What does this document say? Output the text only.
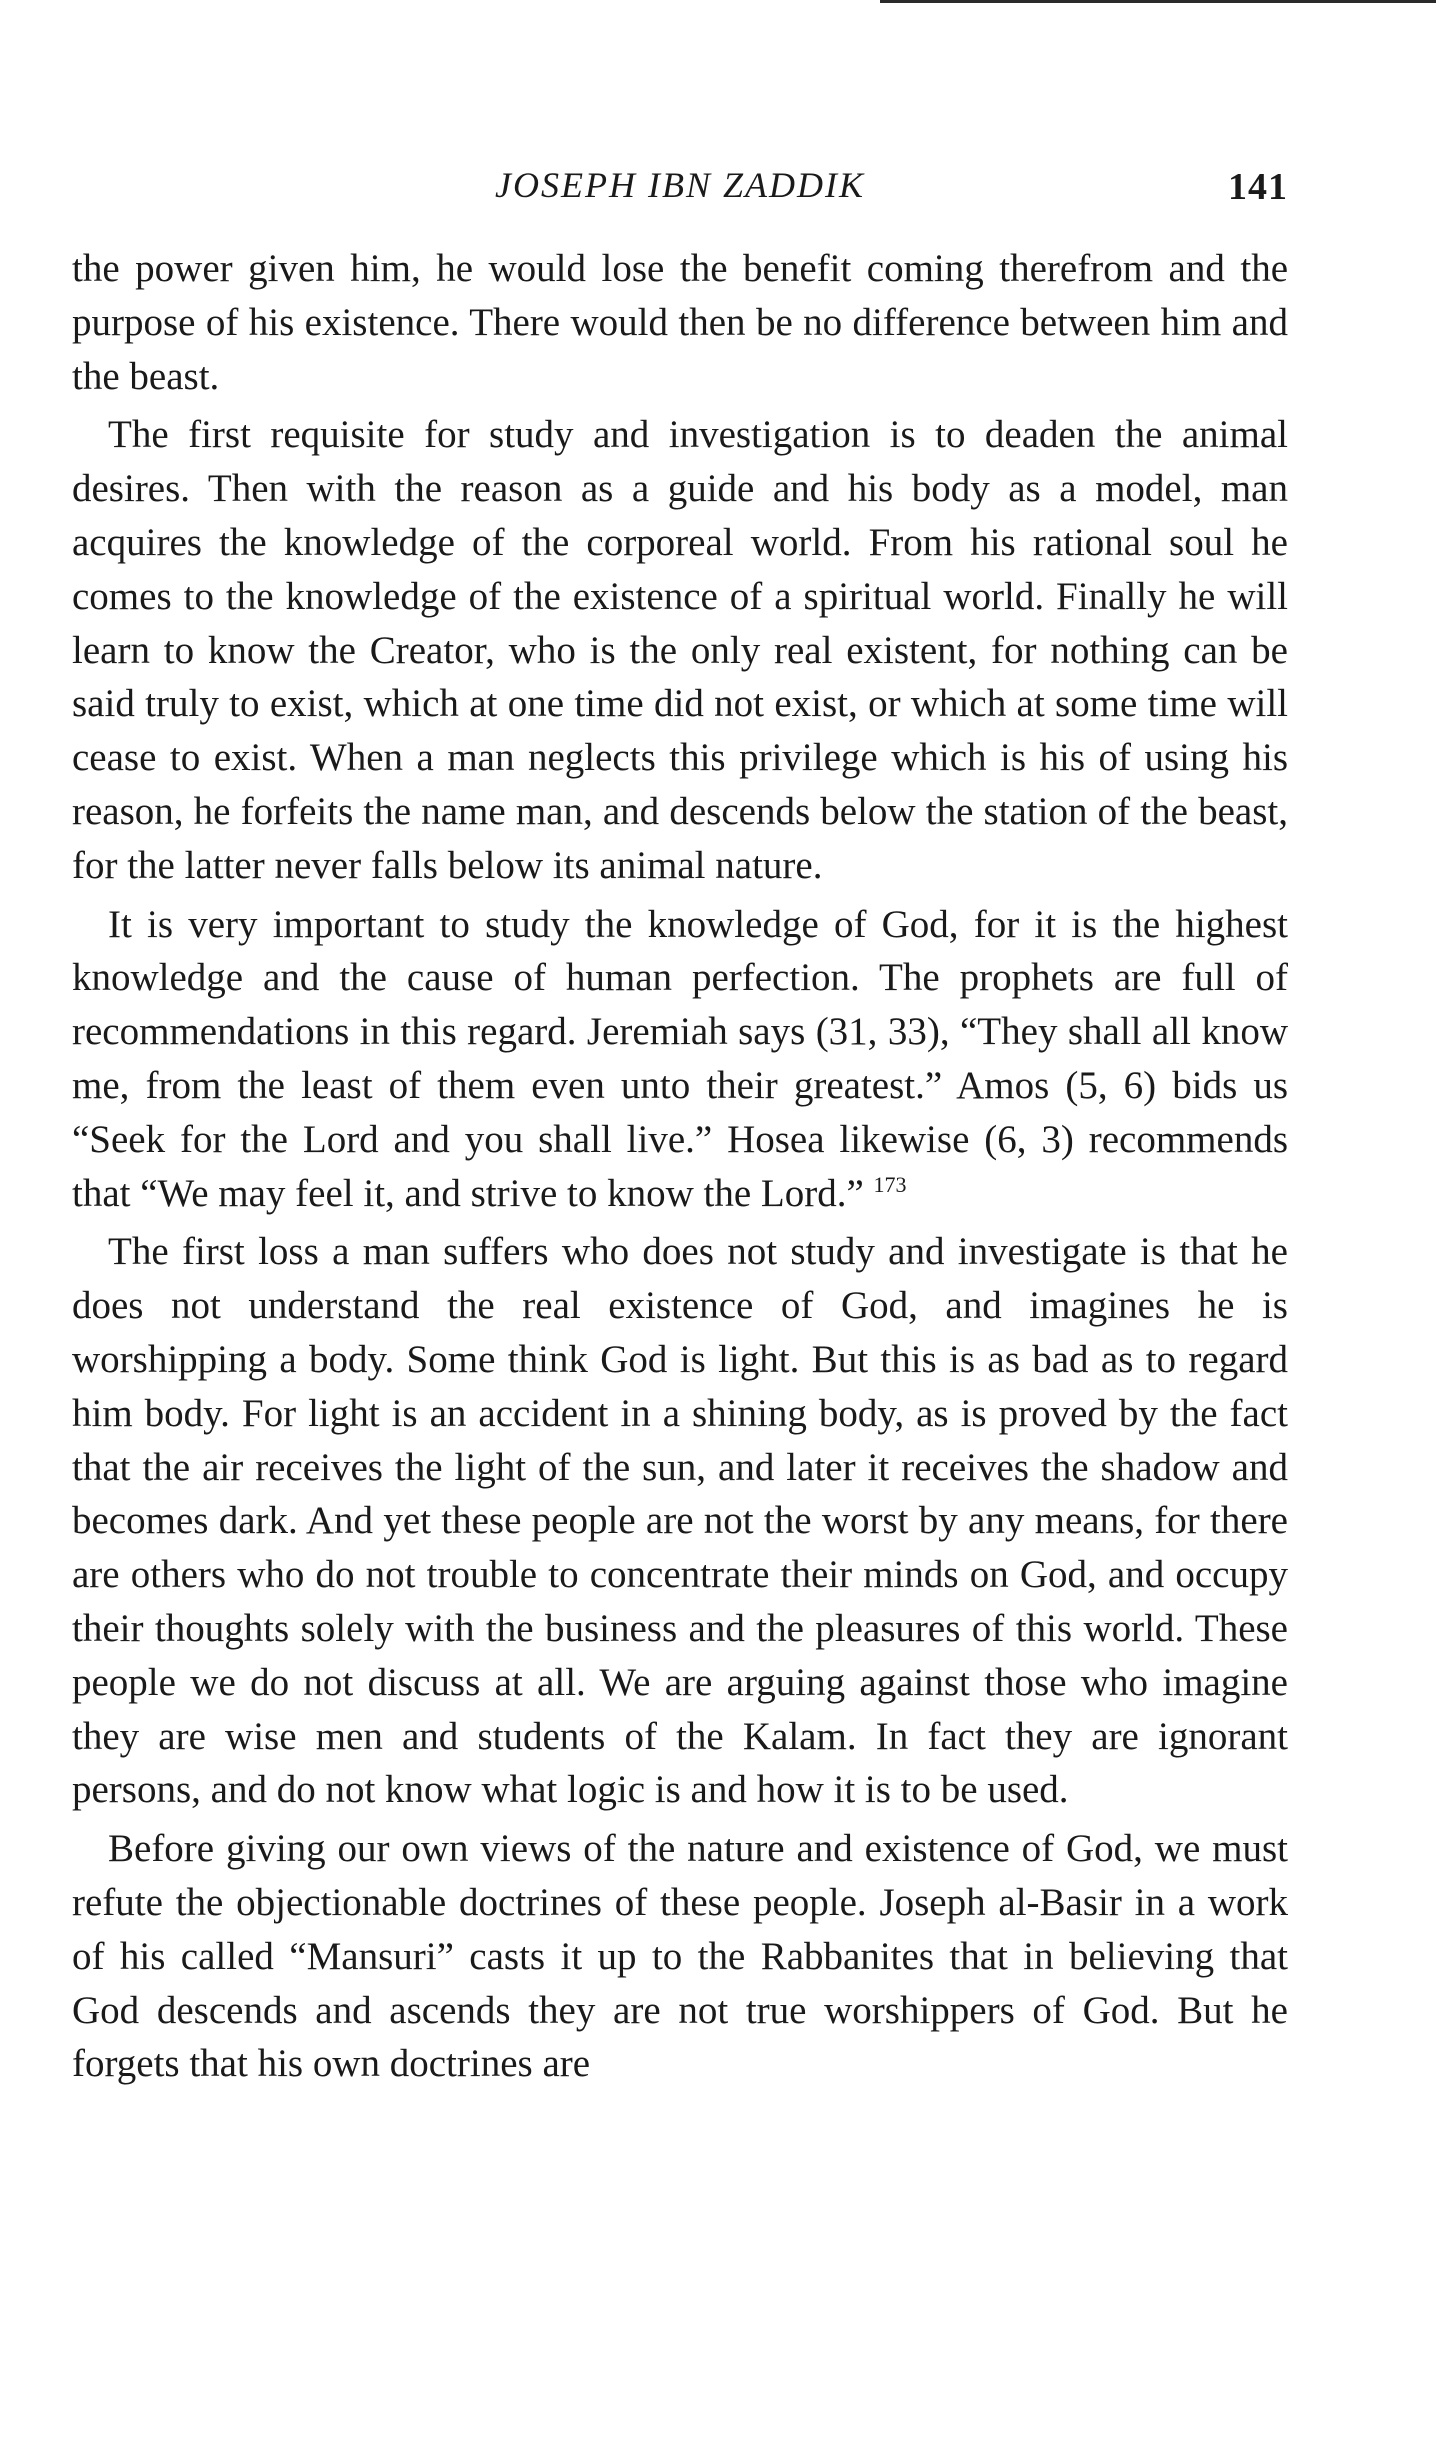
JOSEPH IBN ZADDIK	141

the power given him, he would lose the benefit coming therefrom and the purpose of his existence. There would then be no difference between him and the beast.

The first requisite for study and investigation is to deaden the animal desires. Then with the reason as a guide and his body as a model, man acquires the knowledge of the corporeal world. From his rational soul he comes to the knowledge of the existence of a spiritual world. Finally he will learn to know the Creator, who is the only real existent, for nothing can be said truly to exist, which at one time did not exist, or which at some time will cease to exist. When a man neglects this privilege which is his of using his reason, he forfeits the name man, and descends below the station of the beast, for the latter never falls below its animal nature.

It is very important to study the knowledge of God, for it is the highest knowledge and the cause of human perfection. The prophets are full of recommendations in this regard. Jeremiah says (31, 33), “They shall all know me, from the least of them even unto their greatest.” Amos (5, 6) bids us “Seek for the Lord and you shall live.” Hosea likewise (6, 3) recommends that “We may feel it, and strive to know the Lord.” $^{173}$

The first loss a man suffers who does not study and investigate is that he does not understand the real existence of God, and imagines he is worshipping a body. Some think God is light. But this is as bad as to regard him body. For light is an accident in a shining body, as is proved by the fact that the air receives the light of the sun, and later it receives the shadow and becomes dark. And yet these people are not the worst by any means, for there are others who do not trouble to concentrate their minds on God, and occupy their thoughts solely with the business and the pleasures of this world. These people we do not discuss at all. We are arguing against those who imagine they are wise men and students of the Kalam. In fact they are ignorant persons, and do not know what logic is and how it is to be used.

Before giving our own views of the nature and existence of God, we must refute the objectionable doctrines of these people. Joseph al-Basir in a work of his called “Mansuri” casts it up to the Rabbanites that in believing that God descends and ascends they are not true worshippers of God. But he forgets that his own doctrines are
